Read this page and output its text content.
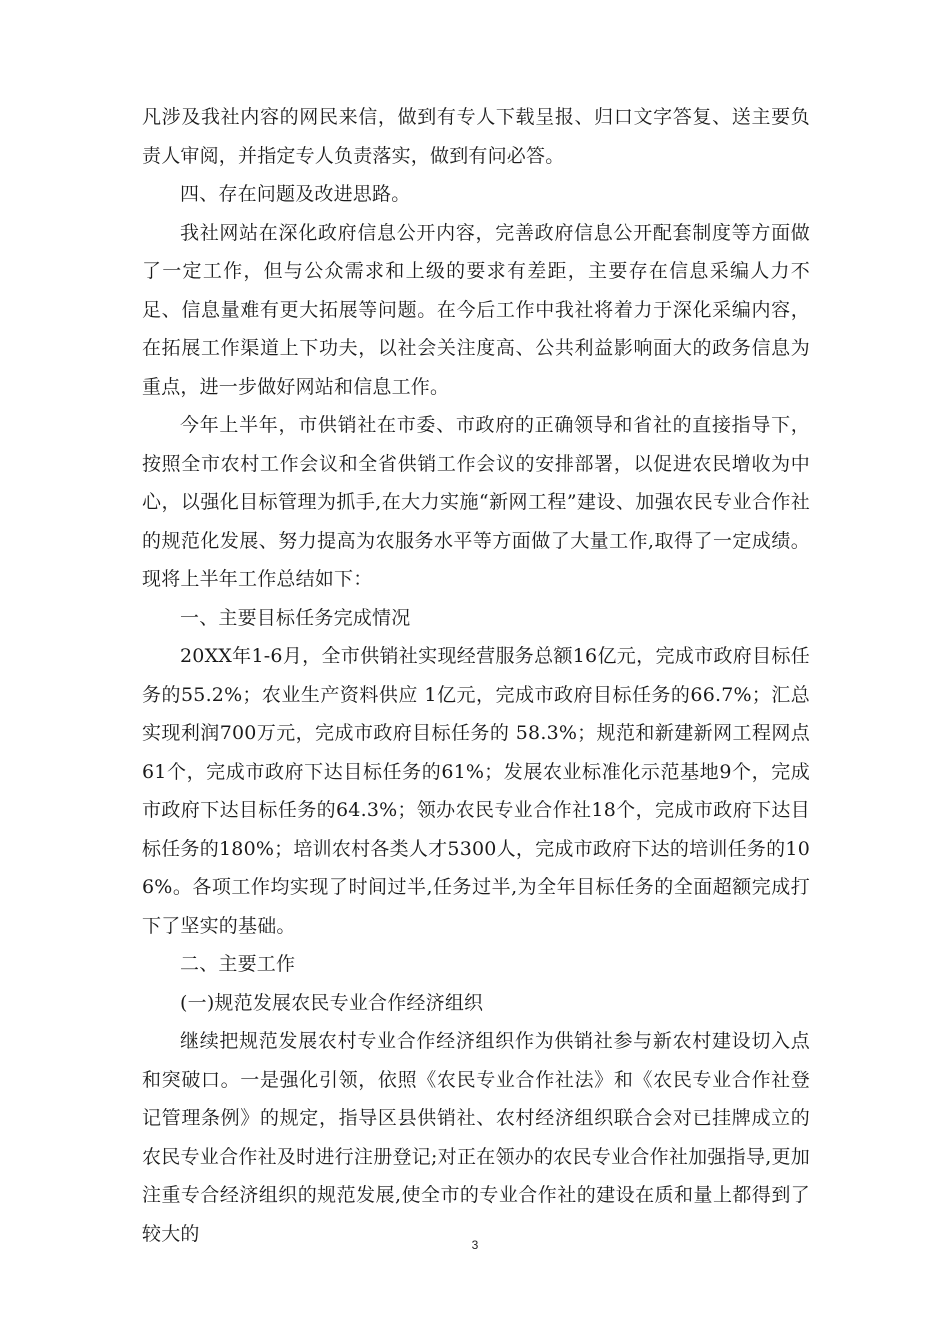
凡涉及我社内容的网民来信，做到有专人下载呈报、归口文字答复、送主要负责人审阅，并指定专人负责落实，做到有问必答。

四、存在问题及改进思路。

我社网站在深化政府信息公开内容，完善政府信息公开配套制度等方面做了一定工作，但与公众需求和上级的要求有差距，主要存在信息采编人力不足、信息量难有更大拓展等问题。在今后工作中我社将着力于深化采编内容，在拓展工作渠道上下功夫，以社会关注度高、公共利益影响面大的政务信息为重点，进一步做好网站和信息工作。

今年上半年，市供销社在市委、市政府的正确领导和省社的直接指导下，按照全市农村工作会议和全省供销工作会议的安排部署，以促进农民增收为中心，以强化目标管理为抓手,在大力实施“新网工程”建设、加强农民专业合作社的规范化发展、努力提高为农服务水平等方面做了大量工作,取得了一定成绩。现将上半年工作总结如下：

一、主要目标任务完成情况

20XX年1-6月，全市供销社实现经营服务总额16亿元，完成市政府目标任务的55.2%；农业生产资料供应 1亿元，完成市政府目标任务的66.7%；汇总实现利润700万元，完成市政府目标任务的 58.3%；规范和新建新网工程网点61个，完成市政府下达目标任务的61%；发展农业标准化示范基地9个，完成市政府下达目标任务的64.3%；领办农民专业合作社18个，完成市政府下达目标任务的180%；培训农村各类人才5300人，完成市政府下达的培训任务的106%。各项工作均实现了时间过半,任务过半,为全年目标任务的全面超额完成打下了坚实的基础。

二、主要工作

(一)规范发展农民专业合作经济组织

继续把规范发展农村专业合作经济组织作为供销社参与新农村建设切入点和突破口。一是强化引领，依照《农民专业合作社法》和《农民专业合作社登记管理条例》的规定，指导区县供销社、农村经济组织联合会对已挂牌成立的农民专业合作社及时进行注册登记;对正在领办的农民专业合作社加强指导,更加注重专合经济组织的规范发展,使全市的专业合作社的建设在质和量上都得到了较大的

3
